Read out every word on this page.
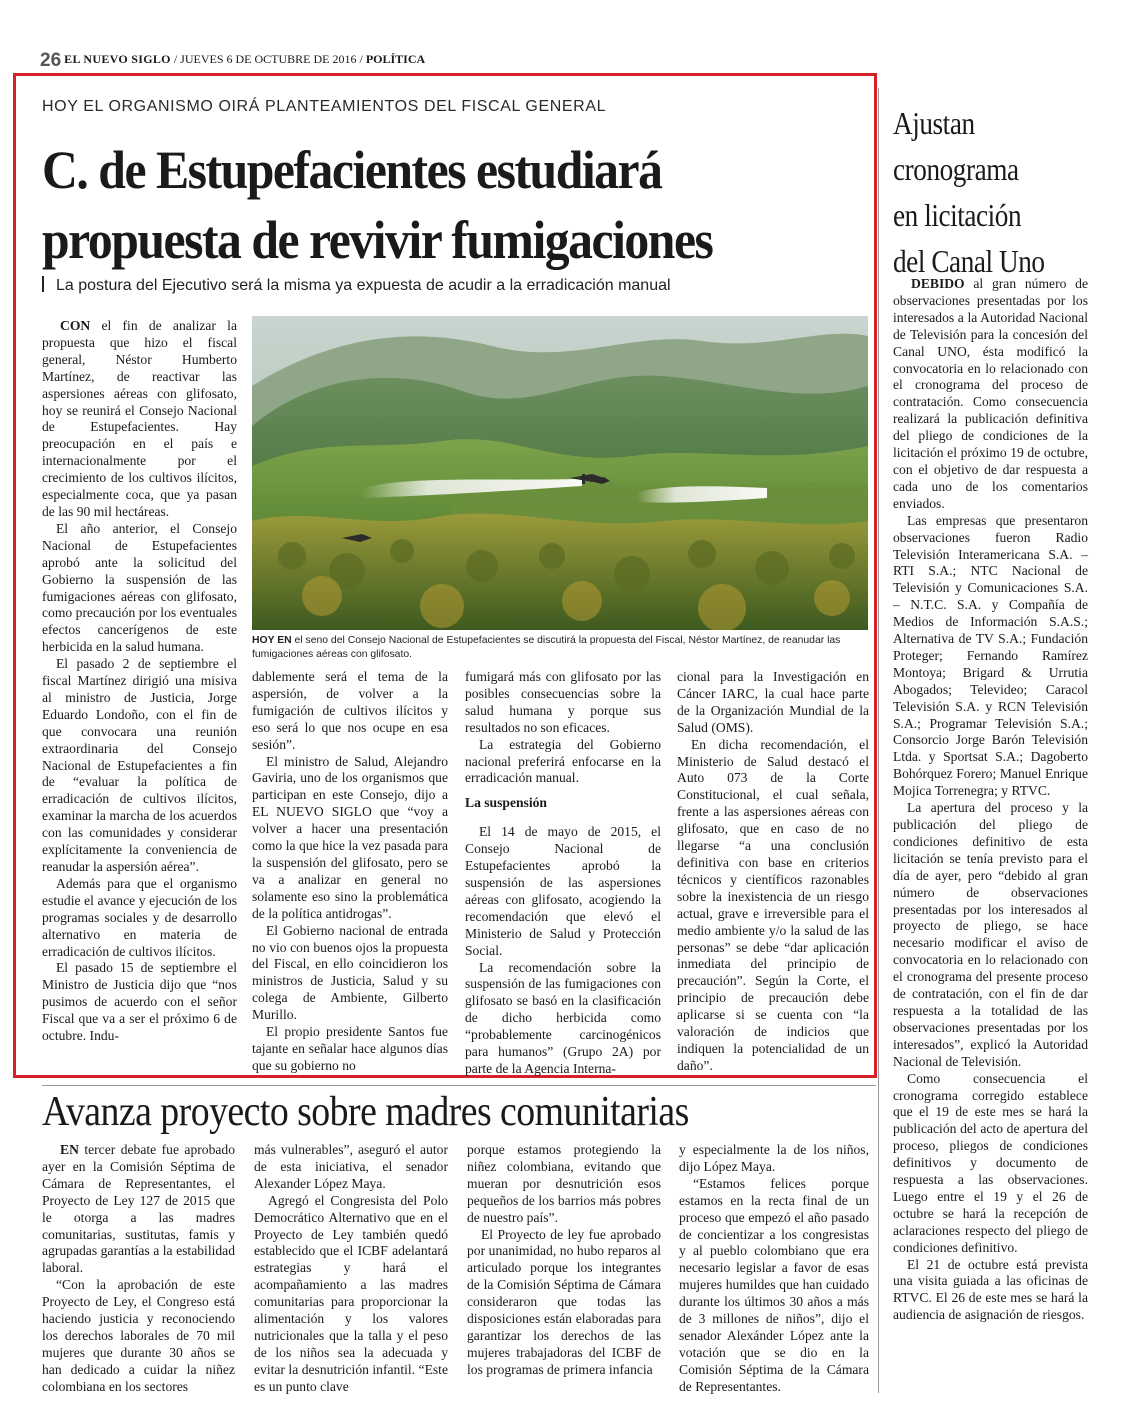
26 EL NUEVO SIGLO / JUEVES 6 DE OCTUBRE DE 2016 / POLÍTICA
HOY EL ORGANISMO OIRÁ PLANTEAMIENTOS DEL FISCAL GENERAL
C. de Estupefacientes estudiará
propuesta de revivir fumigaciones
La postura del Ejecutivo será la misma ya expuesta de acudir a la erradicación manual

CON el fin de analizar la propuesta que hizo el fiscal general, Néstor Humberto Martínez, de reactivar las aspersiones aéreas con glifosato, hoy se reunirá el Consejo Nacional de Estupefacientes. Hay preocupación en el país e internacionalmente por el crecimiento de los cultivos ilícitos, especialmente coca, que ya pasan de las 90 mil hectáreas.

El año anterior, el Consejo Nacional de Estupefacientes aprobó ante la solicitud del Gobierno la suspensión de las fumigaciones aéreas con glifosato, como precaución por los eventuales efectos cancerígenos de este herbicida en la salud humana.

El pasado 2 de septiembre el fiscal Martínez dirigió una misiva al ministro de Justicia, Jorge Eduardo Londoño, con el fin de que convocara una reunión extraordinaria del Consejo Nacional de Estupefacientes a fin de “evaluar la política de erradicación de cultivos ilícitos, examinar la marcha de los acuerdos con las comunidades y considerar explícitamente la conveniencia de reanudar la aspersión aérea”.

Además para que el organismo estudie el avance y ejecución de los programas sociales y de desarrollo alternativo en materia de erradicación de cultivos ilícitos.

El pasado 15 de septiembre el Ministro de Justicia dijo que “nos pusimos de acuerdo con el señor Fiscal que va a ser el próximo 6 de octubre. Indu-

HOY EN el seno del Consejo Nacional de Estupefacientes se discutirá la propuesta del Fiscal, Néstor Martínez, de reanudar las fumigaciones aéreas con glifosato.

dablemente será el tema de la aspersión, de volver a la fumigación de cultivos ilícitos y eso será lo que nos ocupe en esa sesión”.

El ministro de Salud, Alejandro Gaviria, uno de los organismos que participan en este Consejo, dijo a EL NUEVO SIGLO que “voy a volver a hacer una presentación como la que hice la vez pasada para la suspensión del glifosato, pero se va a analizar en general no solamente eso sino la problemática de la política antidrogas”.

El Gobierno nacional de entrada no vio con buenos ojos la propuesta del Fiscal, en ello coincidieron los ministros de Justicia, Salud y su colega de Ambiente, Gilberto Murillo.

El propio presidente Santos fue tajante en señalar hace algunos días que su gobierno no

fumigará más con glifosato por las posibles consecuencias sobre la salud humana y porque sus resultados no son eficaces.

La estrategia del Gobierno nacional preferirá enfocarse en la erradicación manual.

La suspensión

El 14 de mayo de 2015, el Consejo Nacional de Estupefacientes aprobó la suspensión de las aspersiones aéreas con glifosato, acogiendo la recomendación que elevó el Ministerio de Salud y Protección Social.

La recomendación sobre la suspensión de las fumigaciones con glifosato se basó en la clasificación de dicho herbicida como “probablemente carcinogénicos para humanos” (Grupo 2A) por parte de la Agencia Interna-

cional para la Investigación en Cáncer IARC, la cual hace parte de la Organización Mundial de la Salud (OMS).

En dicha recomendación, el Ministerio de Salud destacó el Auto 073 de la Corte Constitucional, el cual señala, frente a las aspersiones aéreas con glifosato, que en caso de no llegarse “a una conclusión definitiva con base en criterios técnicos y científicos razonables sobre la inexistencia de un riesgo actual, grave e irreversible para el medio ambiente y/o la salud de las personas” se debe “dar aplicación inmediata del principio de precaución”. Según la Corte, el principio de precaución debe aplicarse si se cuenta con “la valoración de indicios que indiquen la potencialidad de un daño”.

Ajustan
cronograma
en licitación
del Canal Uno

DEBIDO al gran número de observaciones presentadas por los interesados a la Autoridad Nacional de Televisión para la concesión del Canal UNO, ésta modificó la convocatoria en lo relacionado con el cronograma del proceso de contratación. Como consecuencia realizará la publicación definitiva del pliego de condiciones de la licitación el próximo 19 de octubre, con el objetivo de dar respuesta a cada uno de los comentarios enviados.

Las empresas que presentaron observaciones fueron Radio Televisión Interamericana S.A. – RTI S.A.; NTC Nacional de Televisión y Comunicaciones S.A. – N.T.C. S.A. y Compañía de Medios de Información S.A.S.; Alternativa de TV S.A.; Fundación Proteger; Fernando Ramírez Montoya; Brigard & Urrutia Abogados; Televideo; Caracol Televisión S.A. y RCN Televisión S.A.; Programar Televisión S.A.; Consorcio Jorge Barón Televisión Ltda. y Sportsat S.A.; Dagoberto Bohórquez Forero; Manuel Enrique Mojica Torrenegra; y RTVC.

La apertura del proceso y la publicación del pliego de condiciones definitivo de esta licitación se tenía previsto para el día de ayer, pero “debido al gran número de observaciones presentadas por los interesados al proyecto de pliego, se hace necesario modificar el aviso de convocatoria en lo relacionado con el cronograma del presente proceso de contratación, con el fin de dar respuesta a la totalidad de las observaciones presentadas por los interesados”, explicó la Autoridad Nacional de Televisión.

Como consecuencia el cronograma corregido establece que el 19 de este mes se hará la publicación del acto de apertura del proceso, pliegos de condiciones definitivos y documento de respuesta a las observaciones. Luego entre el 19 y el 26 de octubre se hará la recepción de aclaraciones respecto del pliego de condiciones definitivo.

El 21 de octubre está prevista una visita guiada a las oficinas de RTVC. El 26 de este mes se hará la audiencia de asignación de riesgos.

Avanza proyecto sobre madres comunitarias

EN tercer debate fue aprobado ayer en la Comisión Séptima de Cámara de Representantes, el Proyecto de Ley 127 de 2015 que le otorga a las madres comunitarias, sustitutas, famis y agrupadas garantías a la estabilidad laboral.

“Con la aprobación de este Proyecto de Ley, el Congreso está haciendo justicia y reconociendo los derechos laborales de 70 mil mujeres que durante 30 años se han dedicado a cuidar la niñez colombiana en los sectores

más vulnerables”, aseguró el autor de esta iniciativa, el senador Alexander López Maya.

Agregó el Congresista del Polo Democrático Alternativo que en el Proyecto de Ley también quedó establecido que el ICBF adelantará estrategias y hará el acompañamiento a las madres comunitarias para proporcionar la alimentación y los valores nutricionales que la talla y el peso de los niños sea la adecuada y evitar la desnutrición infantil. “Este es un punto clave

porque estamos protegiendo la niñez colombiana, evitando que mueran por desnutrición esos pequeños de los barrios más pobres de nuestro país”.

El Proyecto de ley fue aprobado por unanimidad, no hubo reparos al articulado porque los integrantes de la Comisión Séptima de Cámara consideraron que todas las disposiciones están elaboradas para garantizar los derechos de las mujeres trabajadoras del ICBF de los programas de primera infancia

y especialmente la de los niños, dijo López Maya.

“Estamos felices porque estamos en la recta final de un proceso que empezó el año pasado de concientizar a los congresistas y al pueblo colombiano que era necesario legislar a favor de esas mujeres humildes que han cuidado durante los últimos 30 años a más de 3 millones de niños”, dijo el senador Alexánder López ante la votación que se dio en la Comisión Séptima de la Cámara de Representantes.
